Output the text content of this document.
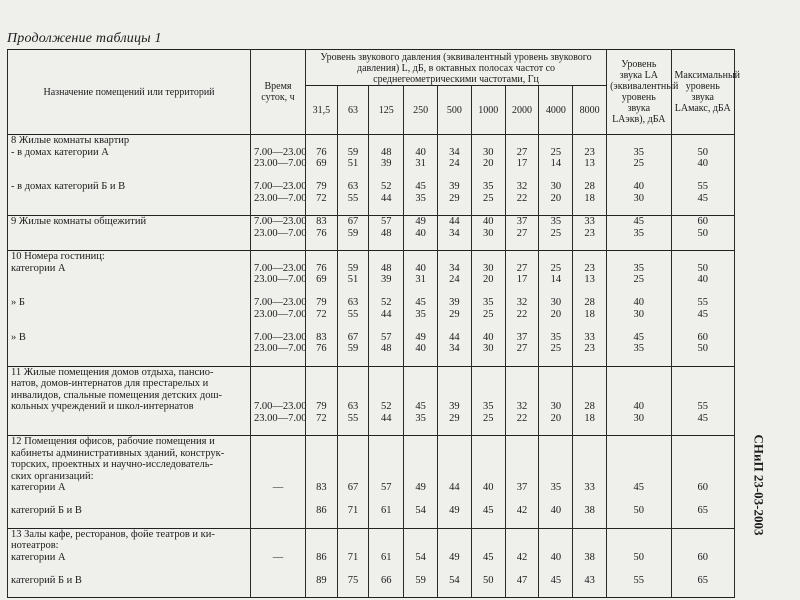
Продолжение таблицы 1
Назначение помещений или территорий	Время суток, ч	Уровень звукового давления (эквивалентный уровень звукового давления) L, дБ, в октавных полосах частот со среднегеометрическими частотами, Гц									Уровень звука LA (эквивалентный уровень звука LАэкв), дБА	Максимальный уровень звука LАмакс, дБА
		31,5	63	125	250	500	1000	2000	4000	8000		
8 Жилые комнаты квартир												
- в домах категории А	7.00—23.00	76	59	48	40	34	30	27	25	23	35	50
	23.00—7.00	69	51	39	31	24	20	17	14	13	25	40

- в домах категорий Б и В	7.00—23.00	79	63	52	45	39	35	32	30	28	40	55
	23.00—7.00	72	55	44	35	29	25	22	20	18	30	45

9 Жилые комнаты общежитий	7.00—23.00	83	67	57	49	44	40	37	35	33	45	60
	23.00—7.00	76	59	48	40	34	30	27	25	23	35	50

10 Номера гостиниц:												
категории А	7.00—23.00	76	59	48	40	34	30	27	25	23	35	50
	23.00—7.00	69	51	39	31	24	20	17	14	13	25	40

» Б	7.00—23.00	79	63	52	45	39	35	32	30	28	40	55
	23.00—7.00	72	55	44	35	29	25	22	20	18	30	45

» В	7.00—23.00	83	67	57	49	44	40	37	35	33	45	60
	23.00—7.00	76	59	48	40	34	30	27	25	23	35	50

11 Жилые помещения домов отдыха, пансио-												
натов, домов-интернатов для престарелых и												
инвалидов, спальные помещения детских дош-												
кольных учреждений и школ-интернатов	7.00—23.00	79	63	52	45	39	35	32	30	28	40	55
	23.00—7.00	72	55	44	35	29	25	22	20	18	30	45

12 Помещения офисов, рабочие помещения и												
кабинеты административных зданий, конструк-												
торских, проектных и научно-исследователь-												
ских организаций:												
категории А	—	83	67	57	49	44	40	37	35	33	45	60

категорий Б и В		86	71	61	54	49	45	42	40	38	50	65

13 Залы кафе, ресторанов, фойе театров и ки-												
нотеатров:												
категории А	—	86	71	61	54	49	45	42	40	38	50	60

категорий Б и В		89	75	66	59	54	50	47	45	43	55	65

СНиП 23-03-2003
